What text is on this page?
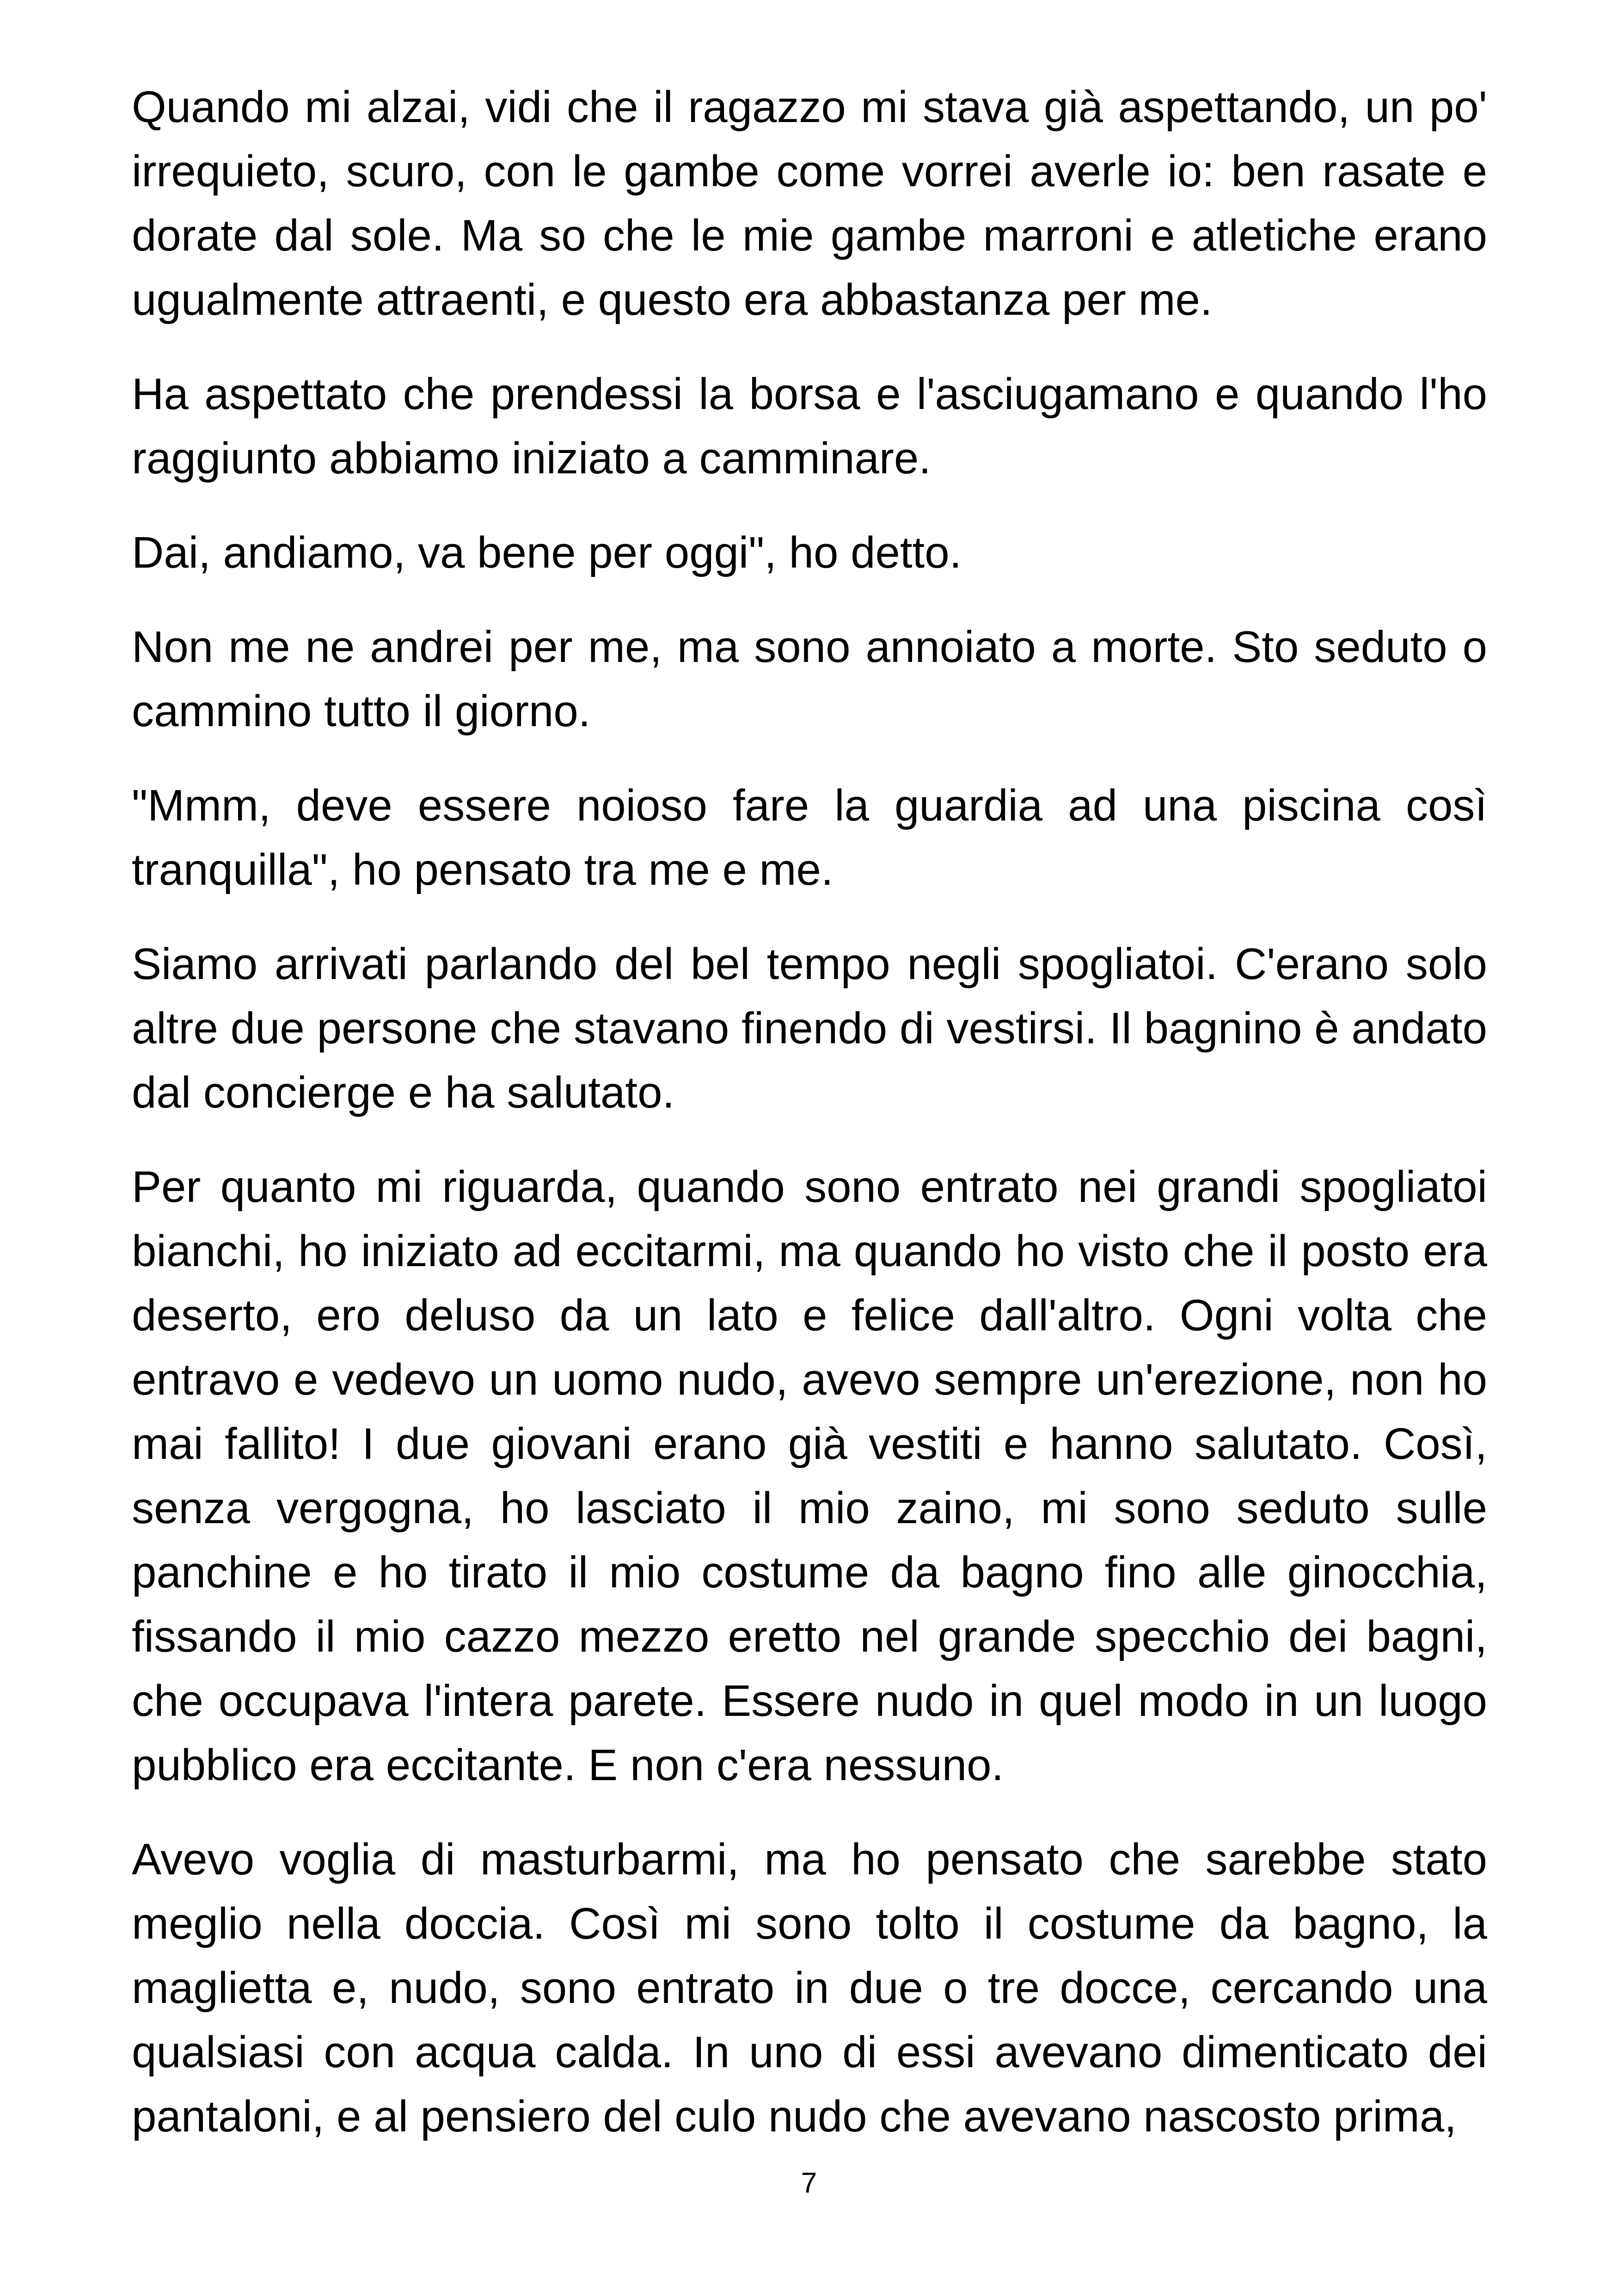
Quando mi alzai, vidi che il ragazzo mi stava già aspettando, un po' irrequieto, scuro, con le gambe come vorrei averle io: ben rasate e dorate dal sole. Ma so che le mie gambe marroni e atletiche erano ugualmente attraenti, e questo era abbastanza per me.

Ha aspettato che prendessi la borsa e l'asciugamano e quando l'ho raggiunto abbiamo iniziato a camminare.

Dai, andiamo, va bene per oggi", ho detto.

Non me ne andrei per me, ma sono annoiato a morte. Sto seduto o cammino tutto il giorno.

"Mmm, deve essere noioso fare la guardia ad una piscina così tranquilla", ho pensato tra me e me.

Siamo arrivati parlando del bel tempo negli spogliatoi. C'erano solo altre due persone che stavano finendo di vestirsi. Il bagnino è andato dal concierge e ha salutato.

Per quanto mi riguarda, quando sono entrato nei grandi spogliatoi bianchi, ho iniziato ad eccitarmi, ma quando ho visto che il posto era deserto, ero deluso da un lato e felice dall'altro. Ogni volta che entravo e vedevo un uomo nudo, avevo sempre un'erezione, non ho mai fallito! I due giovani erano già vestiti e hanno salutato. Così, senza vergogna, ho lasciato il mio zaino, mi sono seduto sulle panchine e ho tirato il mio costume da bagno fino alle ginocchia, fissando il mio cazzo mezzo eretto nel grande specchio dei bagni, che occupava l'intera parete. Essere nudo in quel modo in un luogo pubblico era eccitante. E non c'era nessuno.

Avevo voglia di masturbarmi, ma ho pensato che sarebbe stato meglio nella doccia. Così mi sono tolto il costume da bagno, la maglietta e, nudo, sono entrato in due o tre docce, cercando una qualsiasi con acqua calda. In uno di essi avevano dimenticato dei pantaloni, e al pensiero del culo nudo che avevano nascosto prima,

7
